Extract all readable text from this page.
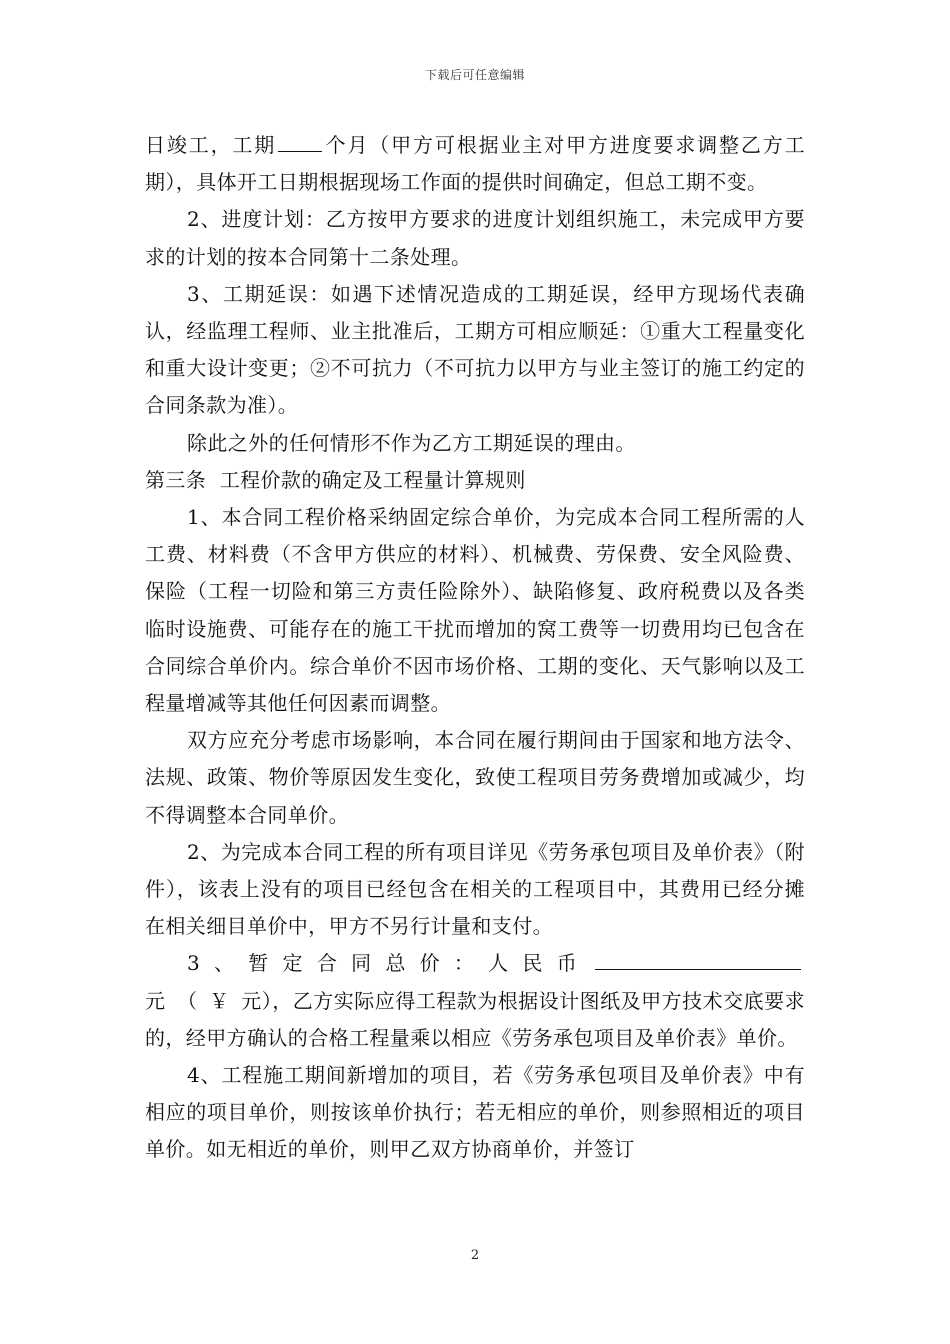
下载后可任意编辑

日竣工，工期 个月（甲方可根据业主对甲方进度要求调整乙方工期），具体开工日期根据现场工作面的提供时间确定，但总工期不变。

2、进度计划：乙方按甲方要求的进度计划组织施工，未完成甲方要求的计划的按本合同第十二条处理。

3、工期延误：如遇下述情况造成的工期延误，经甲方现场代表确认，经监理工程师、业主批准后，工期方可相应顺延：①重大工程量变化和重大设计变更；②不可抗力（不可抗力以甲方与业主签订的施工约定的合同条款为准）。

除此之外的任何情形不作为乙方工期延误的理由。

第三条  工程价款的确定及工程量计算规则

1、本合同工程价格采纳固定综合单价，为完成本合同工程所需的人工费、材料费（不含甲方供应的材料）、机械费、劳保费、安全风险费、保险（工程一切险和第三方责任险除外）、缺陷修复、政府税费以及各类临时设施费、可能存在的施工干扰而增加的窝工费等一切费用均已包含在合同综合单价内。综合单价不因市场价格、工期的变化、天气影响以及工程量增减等其他任何因素而调整。

双方应充分考虑市场影响，本合同在履行期间由于国家和地方法令、法规、政策、物价等原因发生变化，致使工程项目劳务费增加或减少，均不得调整本合同单价。

2、为完成本合同工程的所有项目详见《劳务承包项目及单价表》（附件），该表上没有的项目已经包含在相关的工程项目中，其费用已经分摊在相关细目单价中，甲方不另行计量和支付。

3、暂定合同总价：人民币元（￥元），乙方实际应得工程款为根据设计图纸及甲方技术交底要求的，经甲方确认的合格工程量乘以相应《劳务承包项目及单价表》单价。

4、工程施工期间新增加的项目，若《劳务承包项目及单价表》中有相应的项目单价，则按该单价执行；若无相应的单价，则参照相近的项目单价。如无相近的单价，则甲乙双方协商单价，并签订

2
